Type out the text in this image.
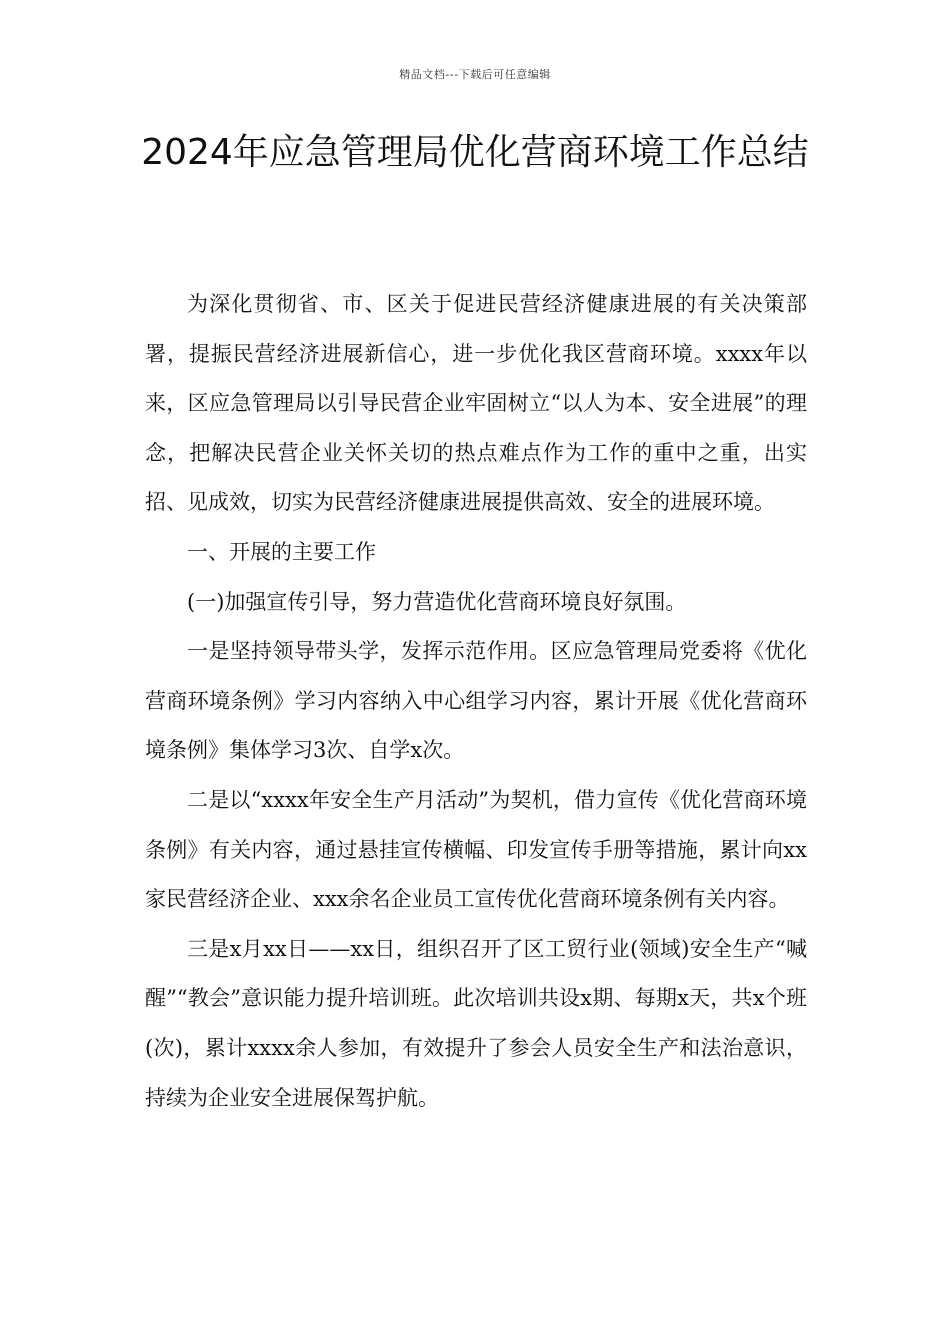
精品文档---下载后可任意编辑
2024年应急管理局优化营商环境工作总结

为深化贯彻省、市、区关于促进民营经济健康进展的有关决策部署，提振民营经济进展新信心，进一步优化我区营商环境。xxxx年以来，区应急管理局以引导民营企业牢固树立“以人为本、安全进展”的理念，把解决民营企业关怀关切的热点难点作为工作的重中之重，出实招、见成效，切实为民营经济健康进展提供高效、安全的进展环境。

一、开展的主要工作

(一)加强宣传引导，努力营造优化营商环境良好氛围。

一是坚持领导带头学，发挥示范作用。区应急管理局党委将《优化营商环境条例》学习内容纳入中心组学习内容，累计开展《优化营商环境条例》集体学习3次、自学x次。

二是以“xxxx年安全生产月活动”为契机，借力宣传《优化营商环境条例》有关内容，通过悬挂宣传横幅、印发宣传手册等措施，累计向xx家民营经济企业、xxx余名企业员工宣传优化营商环境条例有关内容。

三是x月xx日——xx日，组织召开了区工贸行业(领域)安全生产“喊醒”“教会”意识能力提升培训班。此次培训共设x期、每期x天，共x个班(次)，累计xxxx余人参加，有效提升了参会人员安全生产和法治意识，持续为企业安全进展保驾护航。
